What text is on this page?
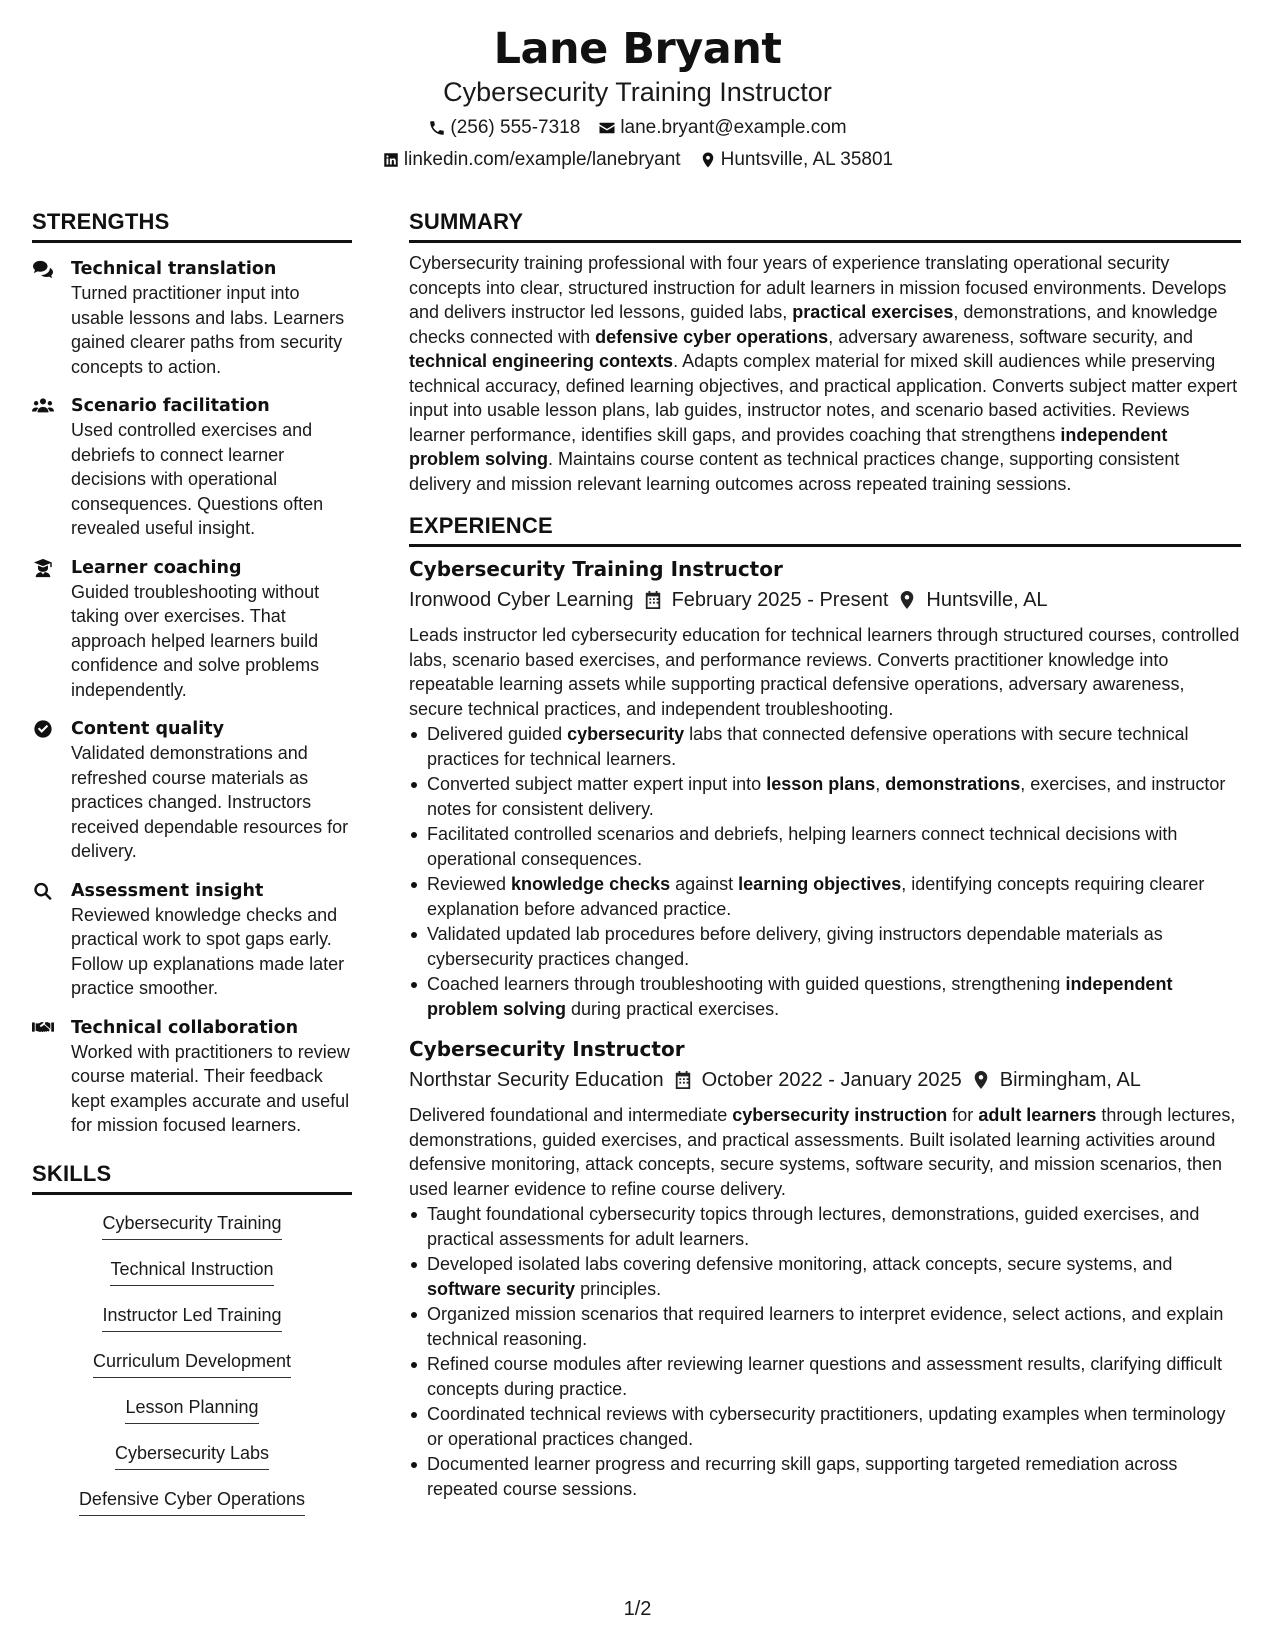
Lane Bryant
Cybersecurity Training Instructor
(256) 555-7318 lane.bryant@example.com
linkedin.com/example/lanebryant Huntsville, AL 35801
STRENGTHS
Technical translation
Turned practitioner input into usable lessons and labs. Learners gained clearer paths from security concepts to action.
Scenario facilitation
Used controlled exercises and debriefs to connect learner decisions with operational consequences. Questions often revealed useful insight.
Learner coaching
Guided troubleshooting without taking over exercises. That approach helped learners build confidence and solve problems independently.
Content quality
Validated demonstrations and refreshed course materials as practices changed. Instructors received dependable resources for delivery.
Assessment insight
Reviewed knowledge checks and practical work to spot gaps early. Follow up explanations made later practice smoother.
Technical collaboration
Worked with practitioners to review course material. Their feedback kept examples accurate and useful for mission focused learners.
SKILLS
Cybersecurity Training
Technical Instruction
Instructor Led Training
Curriculum Development
Lesson Planning
Cybersecurity Labs
Defensive Cyber Operations
SUMMARY

Cybersecurity training professional with four years of experience translating operational security concepts into clear, structured instruction for adult learners in mission focused environments. Develops and delivers instructor led lessons, guided labs, practical exercises, demonstrations, and knowledge checks connected with defensive cyber operations, adversary awareness, software security, and technical engineering contexts. Adapts complex material for mixed skill audiences while preserving technical accuracy, defined learning objectives, and practical application. Converts subject matter expert input into usable lesson plans, lab guides, instructor notes, and scenario based activities. Reviews learner performance, identifies skill gaps, and provides coaching that strengthens independent problem solving. Maintains course content as technical practices change, supporting consistent delivery and mission relevant learning outcomes across repeated training sessions.

EXPERIENCE
Cybersecurity Training Instructor
Ironwood Cyber Learning February 2025 - Present Huntsville, AL

Leads instructor led cybersecurity education for technical learners through structured courses, controlled labs, scenario based exercises, and performance reviews. Converts practitioner knowledge into repeatable learning assets while supporting practical defensive operations, adversary awareness, secure technical practices, and independent troubleshooting.

Delivered guided cybersecurity labs that connected defensive operations with secure technical practices for technical learners.
Converted subject matter expert input into lesson plans, demonstrations, exercises, and instructor notes for consistent delivery.
Facilitated controlled scenarios and debriefs, helping learners connect technical decisions with operational consequences.
Reviewed knowledge checks against learning objectives, identifying concepts requiring clearer explanation before advanced practice.
Validated updated lab procedures before delivery, giving instructors dependable materials as cybersecurity practices changed.
Coached learners through troubleshooting with guided questions, strengthening independent problem solving during practical exercises.
Cybersecurity Instructor
Northstar Security Education October 2022 - January 2025 Birmingham, AL

Delivered foundational and intermediate cybersecurity instruction for adult learners through lectures, demonstrations, guided exercises, and practical assessments. Built isolated learning activities around defensive monitoring, attack concepts, secure systems, software security, and mission scenarios, then used learner evidence to refine course delivery.

Taught foundational cybersecurity topics through lectures, demonstrations, guided exercises, and practical assessments for adult learners.
Developed isolated labs covering defensive monitoring, attack concepts, secure systems, and software security principles.
Organized mission scenarios that required learners to interpret evidence, select actions, and explain technical reasoning.
Refined course modules after reviewing learner questions and assessment results, clarifying difficult concepts during practice.
Coordinated technical reviews with cybersecurity practitioners, updating examples when terminology or operational practices changed.
Documented learner progress and recurring skill gaps, supporting targeted remediation across repeated course sessions.
1/2
